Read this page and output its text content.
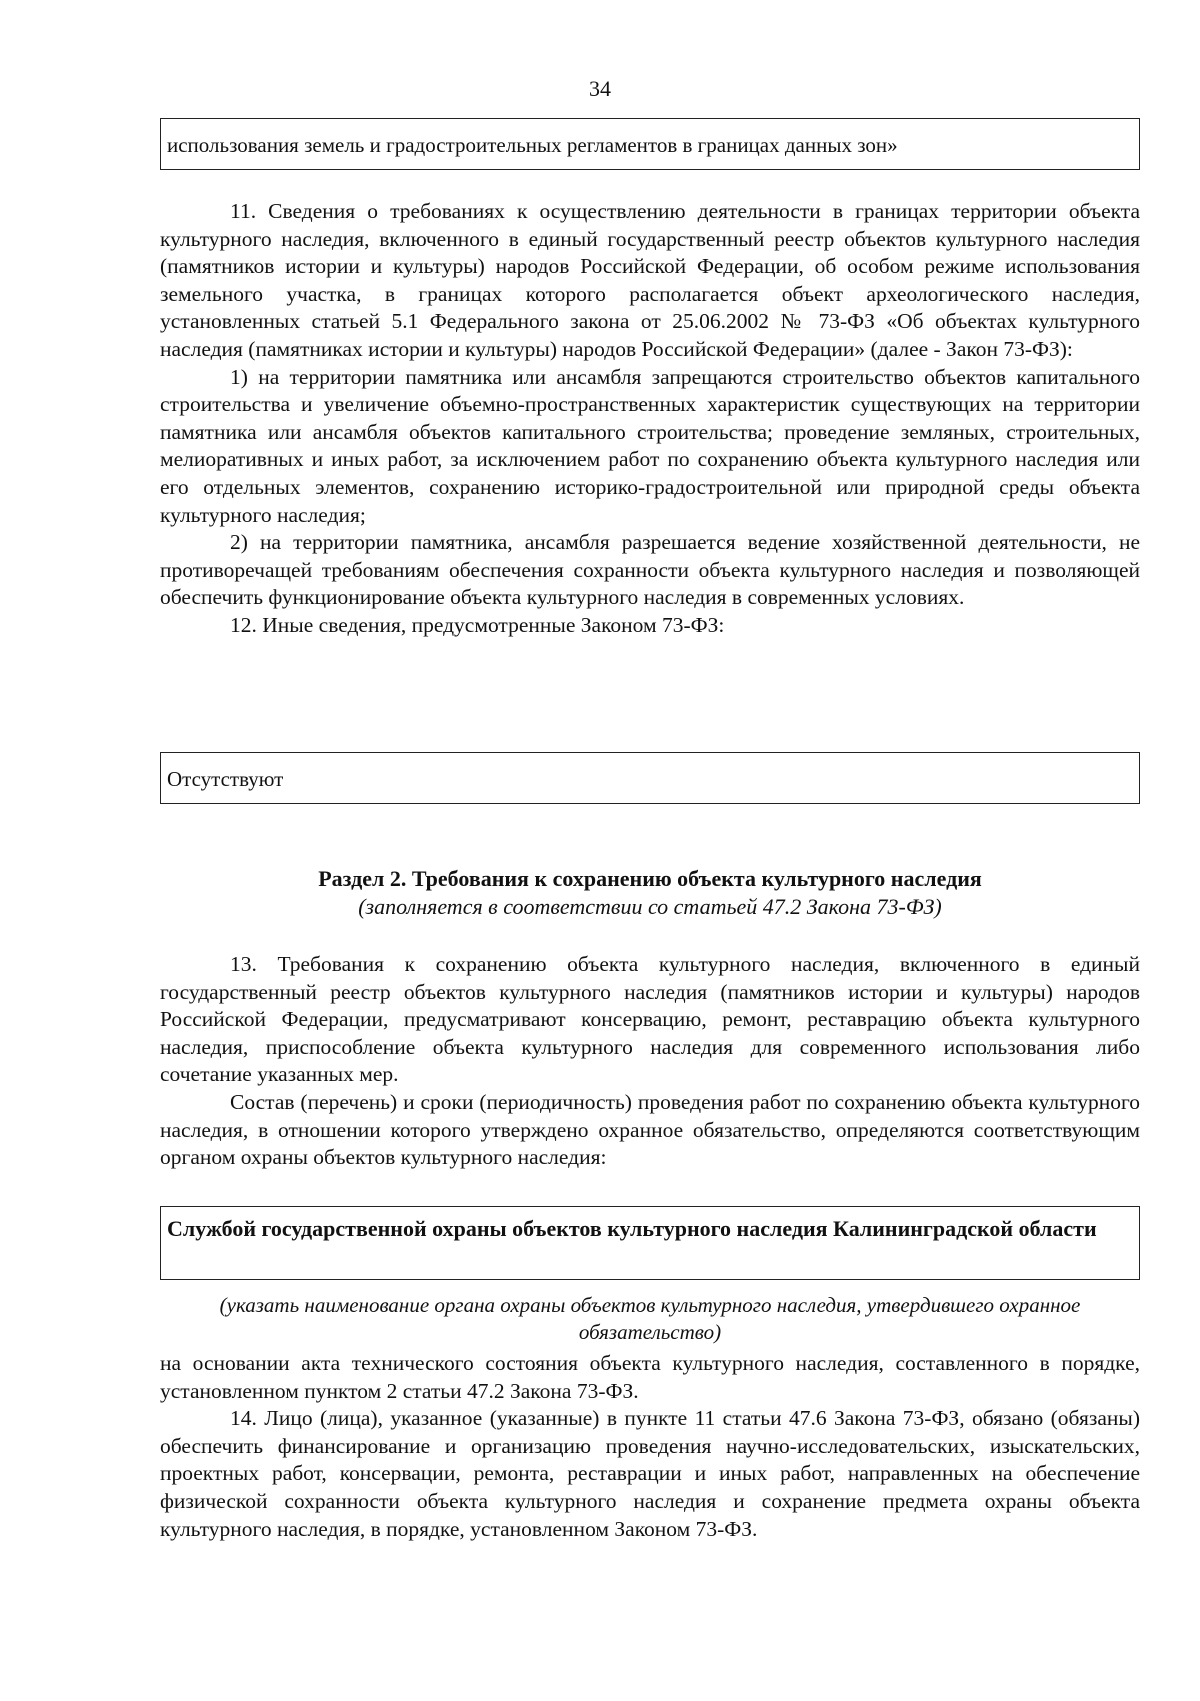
34
использования земель и градостроительных регламентов в границах данных зон»

11. Сведения о требованиях к осуществлению деятельности в границах территории объекта культурного наследия, включенного в единый государственный реестр объектов культурного наследия (памятников истории и культуры) народов Российской Федерации, об особом режиме использования земельного участка, в границах которого располагается объект археологического наследия, установленных статьей 5.1 Федерального закона от 25.06.2002 № 73-ФЗ «Об объектах культурного наследия (памятниках истории и культуры) народов Российской Федерации» (далее - Закон 73-ФЗ):

1) на территории памятника или ансамбля запрещаются строительство объектов капитального строительства и увеличение объемно-пространственных характеристик существующих на территории памятника или ансамбля объектов капитального строительства; проведение земляных, строительных, мелиоративных и иных работ, за исключением работ по сохранению объекта культурного наследия или его отдельных элементов, сохранению историко-градостроительной или природной среды объекта культурного наследия;

2) на территории памятника, ансамбля разрешается ведение хозяйственной деятельности, не противоречащей требованиям обеспечения сохранности объекта культурного наследия и позволяющей обеспечить функционирование объекта культурного наследия в современных условиях.

12. Иные сведения, предусмотренные Законом 73-ФЗ:

Отсутствуют
Раздел 2. Требования к сохранению объекта культурного наследия
(заполняется в соответствии со статьей 47.2 Закона 73-ФЗ)

13. Требования к сохранению объекта культурного наследия, включенного в единый государственный реестр объектов культурного наследия (памятников истории и культуры) народов Российской Федерации, предусматривают консервацию, ремонт, реставрацию объекта культурного наследия, приспособление объекта культурного наследия для современного использования либо сочетание указанных мер.

Состав (перечень) и сроки (периодичность) проведения работ по сохранению объекта культурного наследия, в отношении которого утверждено охранное обязательство, определяются соответствующим органом охраны объектов культурного наследия:

Службой государственной охраны объектов культурного наследия Калининградской области
(указать наименование органа охраны объектов культурного наследия, утвердившего охранное обязательство)

на основании акта технического состояния объекта культурного наследия, составленного в порядке, установленном пунктом 2 статьи 47.2 Закона 73-ФЗ.

14. Лицо (лица), указанное (указанные) в пункте 11 статьи 47.6 Закона 73-ФЗ, обязано (обязаны) обеспечить финансирование и организацию проведения научно-исследовательских, изыскательских, проектных работ, консервации, ремонта, реставрации и иных работ, направленных на обеспечение физической сохранности объекта культурного наследия и сохранение предмета охраны объекта культурного наследия, в порядке, установленном Законом 73-ФЗ.
